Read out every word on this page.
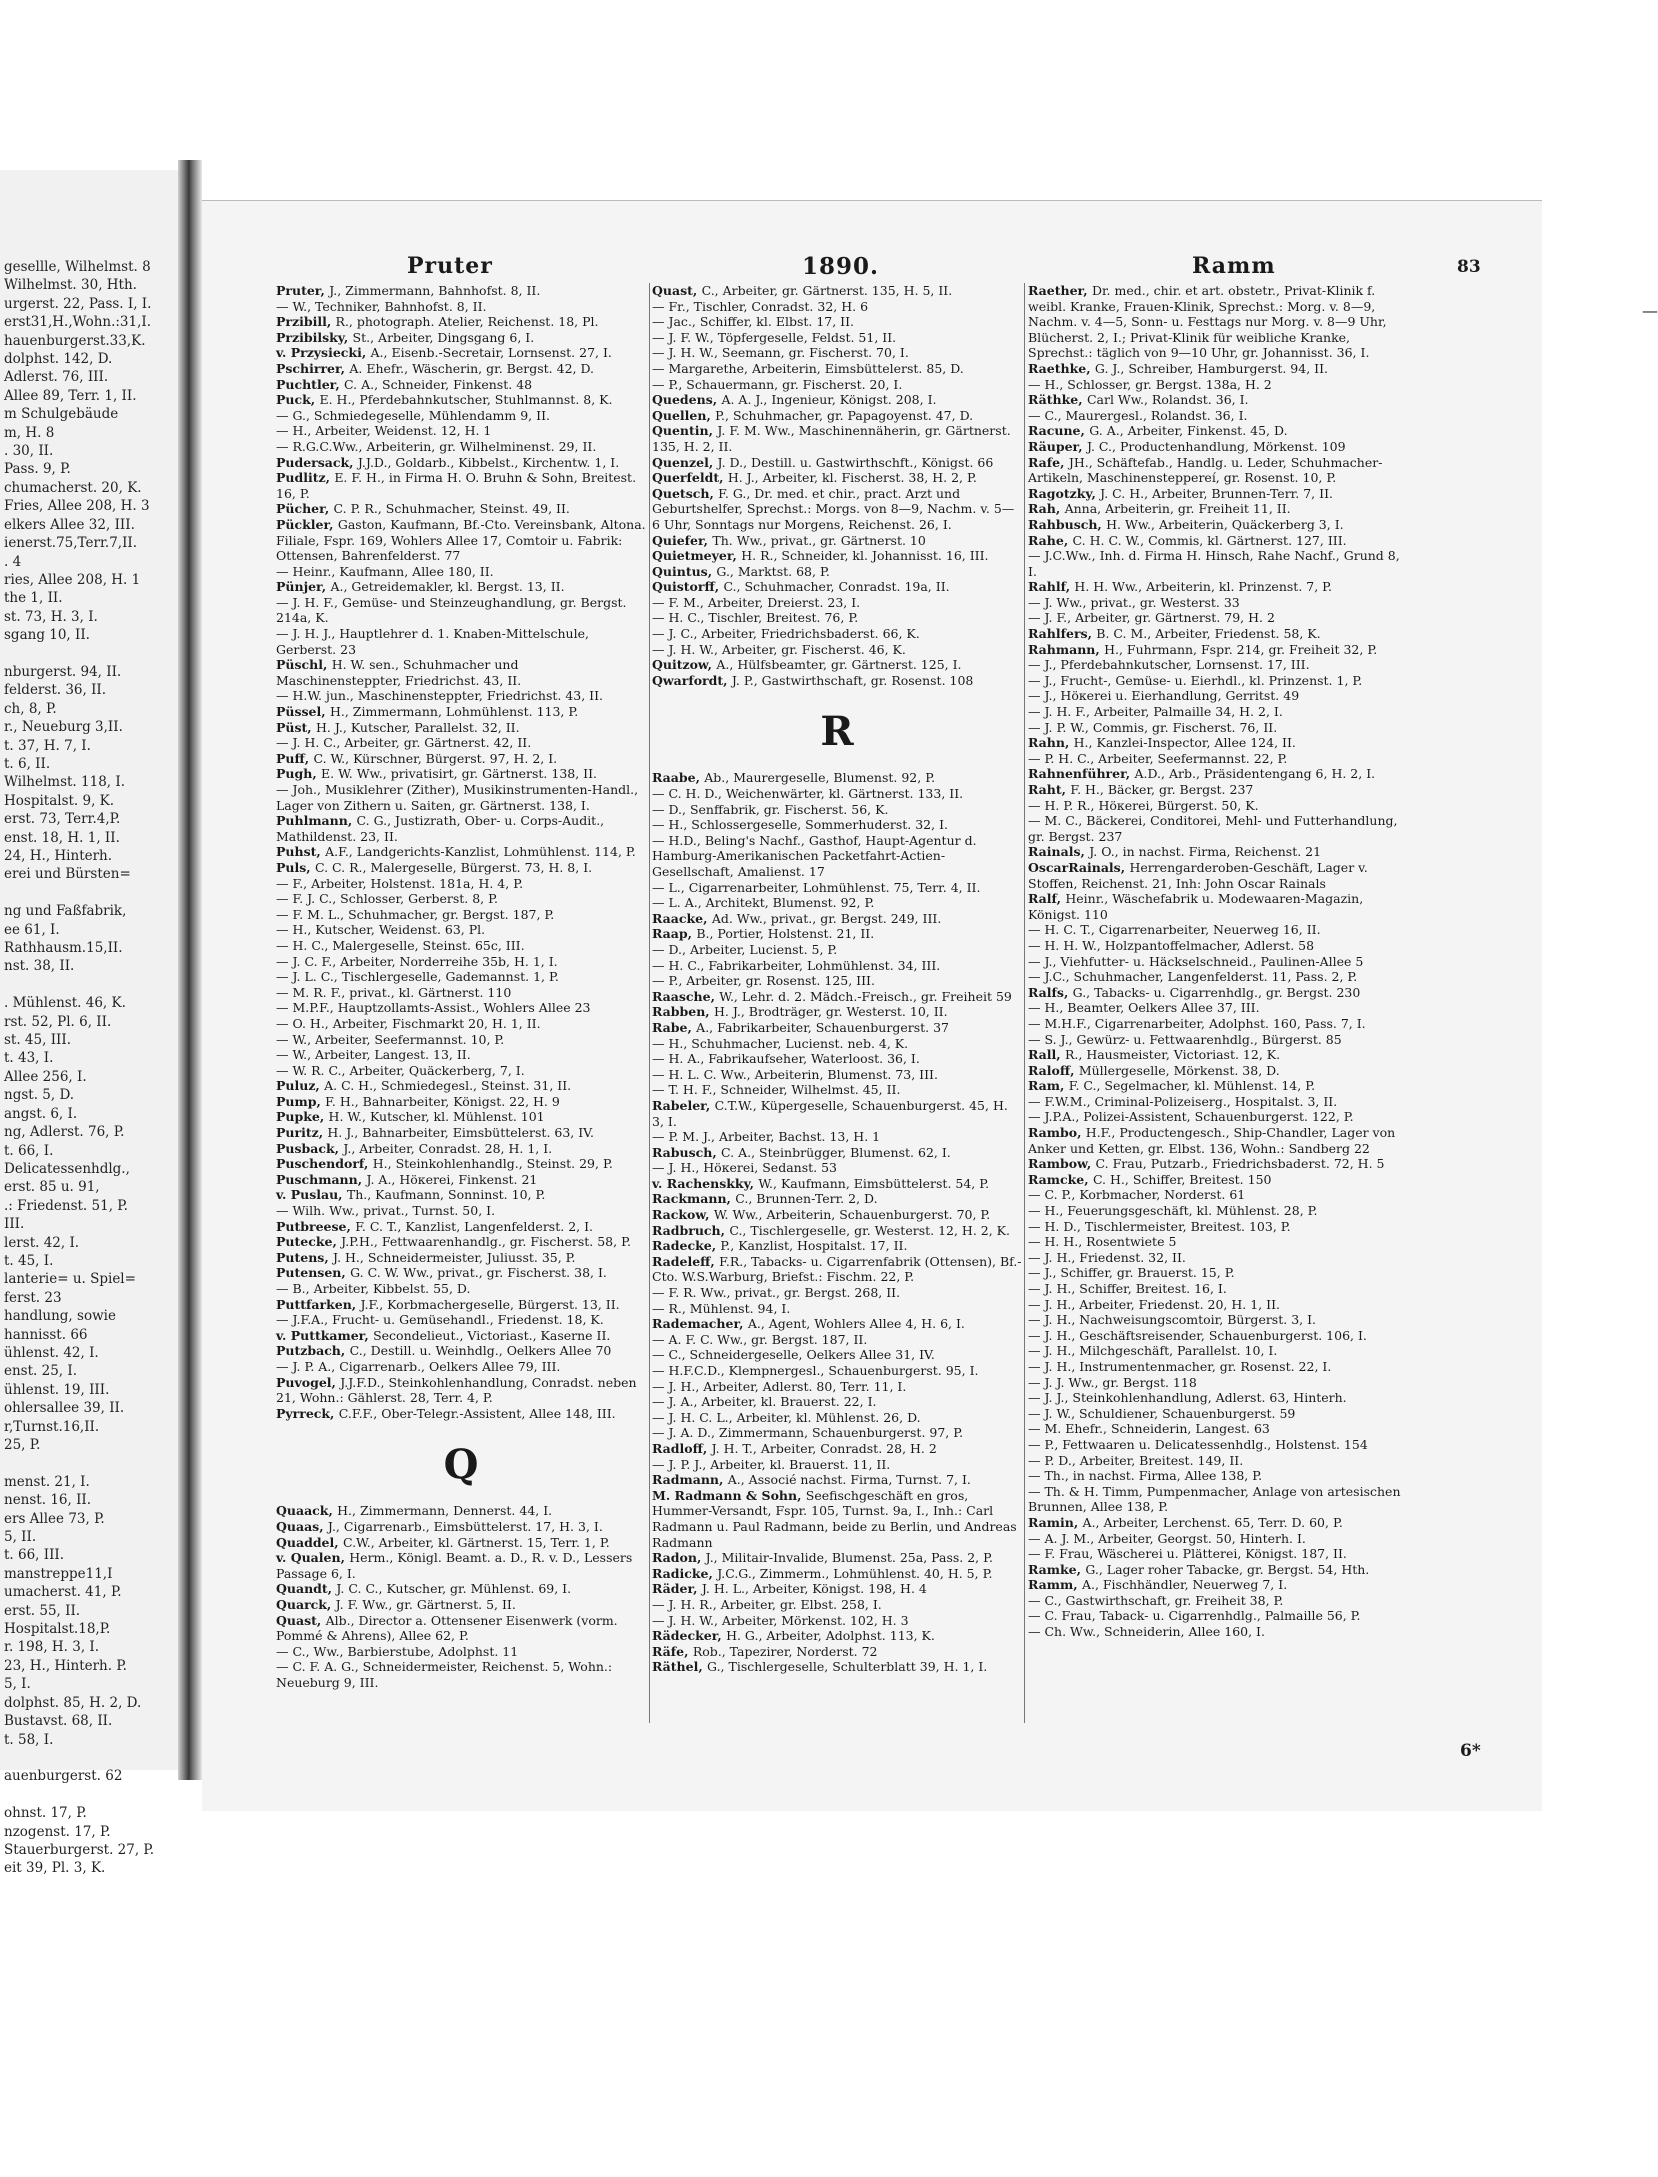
gesellle, Wilhelmst. 8
Wilhelmst. 30, Hth.
urgerst. 22, Pass. I, I.
erst31,H.,Wohn.:31,I.
hauenburgerst.33,K.
dolphst. 142, D.
Adlerst. 76, III.
Allee 89, Terr. 1, II.
m Schulgebäude
m, H. 8
. 30, II.
Pass. 9, P.
chumacherst. 20, K.
Fries, Allee 208, H. 3
elkers Allee 32, III.
ienerst.75,Terr.7,II.
. 4
ries, Allee 208, H. 1
the 1, II.
st. 73, H. 3, I.
sgang 10, II.

nburgerst. 94, II.
felderst. 36, II.
ch, 8, P.
r., Neueburg 3,II.
t. 37, H. 7, I.
t. 6, II.
Wilhelmst. 118, I.
Hospitalst. 9, K.
erst. 73, Terr.4,P.
enst. 18, H. 1, II.
24, H., Hinterh.
erei und Bürsten=

ng und Faßfabrik,
ee 61, I.
Rathhausm.15,II.
nst. 38, II.

. Mühlenst. 46, K.
rst. 52, Pl. 6, II.
st. 45, III.
t. 43, I.
Allee 256, I.
ngst. 5, D.
angst. 6, I.
ng, Adlerst. 76, P.
t. 66, I.
Delicatessenhdlg.,
erst. 85 u. 91,
.: Friedenst. 51, P.
III.
lerst. 42, I.
t. 45, I.
lanterie= u. Spiel=
ferst. 23
handlung, sowie
hannisst. 66
ühlenst. 42, I.
enst. 25, I.
ühlenst. 19, III.
ohlersallee 39, II.
r,Turnst.16,II.
25, P.

menst. 21, I.
nenst. 16, II.
ers Allee 73, P.
5, II.
t. 66, III.
manstreppe11,I
umacherst. 41, P.
erst. 55, II.
Hospitalst.18,P.
r. 198, H. 3, I.
23, H., Hinterh. P.
5, I.
dolphst. 85, H. 2, D.
Bustavst. 68, II.
t. 58, I.

auenburgerst. 62

ohnst. 17, P.
nzogenst. 17, P.
Stauerburgerst. 27, P.
eit 39, Pl. 3, K.
Pruter	1890.	Ramm	83
—
Pruter, J., Zimmermann, Bahnhofst. 8, II.
— W., Techniker, Bahnhofst. 8, II.
Przibill, R., photograph. Atelier, Reichenst. 18, Pl.
Przibilsky, St., Arbeiter, Dingsgang 6, I.
v. Przysiecki, A., Eisenb.-Secretair, Lornsenst. 27, I.
Pschirrer, A. Ehefr., Wäscherin, gr. Bergst. 42, D.
Puchtler, C. A., Schneider, Finkenst. 48
Puck, E. H., Pferdebahnkutscher, Stuhlmannst. 8, K.
— G., Schmiedegeselle, Mühlendamm 9, II.
— H., Arbeiter, Weidenst. 12, H. 1
— R.G.C.Ww., Arbeiterin, gr. Wilhelminenst. 29, II.
Pudersack, J.J.D., Goldarb., Kibbelst., Kirchentw. 1, I.
Pudlitz, E. F. H., in Firma H. O. Bruhn & Sohn, Breitest. 16, P.
Pücher, C. P. R., Schuhmacher, Steinst. 49, II.
Pückler, Gaston, Kaufmann, Bf.-Cto. Vereinsbank, Altona. Filiale, Fspr. 169, Wohlers Allee 17, Comtoir u. Fabrik: Ottensen, Bahrenfelderst. 77
— Heinr., Kaufmann, Allee 180, II.
Pünjer, A., Getreidemakler, kl. Bergst. 13, II.
— J. H. F., Gemüse- und Steinzeughandlung, gr. Bergst. 214a, K.
— J. H. J., Hauptlehrer d. 1. Knaben-Mittelschule, Gerberst. 23
Püschl, H. W. sen., Schuhmacher und Maschinensteppter, Friedrichst. 43, II.
— H.W. jun., Maschinensteppter, Friedrichst. 43, II.
Püssel, H., Zimmermann, Lohmühlenst. 113, P.
Püst, H. J., Kutscher, Parallelst. 32, II.
— J. H. C., Arbeiter, gr. Gärtnerst. 42, II.
Puff, C. W., Kürschner, Bürgerst. 97, H. 2, I.
Pugh, E. W. Ww., privatisirt, gr. Gärtnerst. 138, II.
— Joh., Musiklehrer (Zither), Musikinstrumenten-Handl., Lager von Zithern u. Saiten, gr. Gärtnerst. 138, I.
Puhlmann, C. G., Justizrath, Ober- u. Corps-Audit., Mathildenst. 23, II.
Puhst, A.F., Landgerichts-Kanzlist, Lohmühlenst. 114, P.
Puls, C. C. R., Malergeselle, Bürgerst. 73, H. 8, I.
— F., Arbeiter, Holstenst. 181a, H. 4, P.
— F. J. C., Schlosser, Gerberst. 8, P.
— F. M. L., Schuhmacher, gr. Bergst. 187, P.
— H., Kutscher, Weidenst. 63, Pl.
— H. C., Malergeselle, Steinst. 65c, III.
— J. C. F., Arbeiter, Norderreihe 35b, H. 1, I.
— J. L. C., Tischlergeselle, Gademannst. 1, P.
— M. R. F., privat., kl. Gärtnerst. 110
— M.P.F., Hauptzollamts-Assist., Wohlers Allee 23
— O. H., Arbeiter, Fischmarkt 20, H. 1, II.
— W., Arbeiter, Seefermannst. 10, P.
— W., Arbeiter, Langest. 13, II.
— W. R. C., Arbeiter, Quäckerberg, 7, I.
Puluz, A. C. H., Schmiedegesl., Steinst. 31, II.
Pump, F. H., Bahnarbeiter, Königst. 22, H. 9
Pupke, H. W., Kutscher, kl. Mühlenst. 101
Puritz, H. J., Bahnarbeiter, Eimsbüttelerst. 63, IV.
Pusback, J., Arbeiter, Conradst. 28, H. 1, I.
Puschendorf, H., Steinkohlenhandlg., Steinst. 29, P.
Puschmann, J. A., Höкerei, Finkenst. 21
v. Puslau, Th., Kaufmann, Sonninst. 10, P.
— Wilh. Ww., privat., Turnst. 50, I.
Putbreese, F. C. T., Kanzlist, Langenfelderst. 2, I.
Putecke, J.P.H., Fettwaarenhandlg., gr. Fischerst. 58, P.
Putens, J. H., Schneidermeister, Juliusst. 35, P.
Putensen, G. C. W. Ww., privat., gr. Fischerst. 38, I.
— B., Arbeiter, Kibbelst. 55, D.
Puttfarken, J.F., Korbmachergeselle, Bürgerst. 13, II.
— J.F.A., Frucht- u. Gemüsehandl., Friedenst. 18, K.
v. Puttkamer, Secondelieut., Victoriast., Kaserne II.
Putzbach, C., Destill. u. Weinhdlg., Oelkers Allee 70
— J. P. A., Cigarrenarb., Oelkers Allee 79, III.
Puvogel, J.J.F.D., Steinkohlenhandlung, Conradst. neben 21, Wohn.: Gählerst. 28, Terr. 4, P.
Pyrreck, C.F.F., Ober-Telegr.-Assistent, Allee 148, III.
Q
Quaack, H., Zimmermann, Dennerst. 44, I.
Quaas, J., Cigarrenarb., Eimsbüttelerst. 17, H. 3, I.
Quaddel, C.W., Arbeiter, kl. Gärtnerst. 15, Terr. 1, P.
v. Qualen, Herm., Königl. Beamt. a. D., R. v. D., Lessers Passage 6, I.
Quandt, J. C. C., Kutscher, gr. Mühlenst. 69, I.
Quarck, J. F. Ww., gr. Gärtnerst. 5, II.
Quast, Alb., Director a. Ottensener Eisenwerk (vorm. Pommé & Ahrens), Allee 62, P.
— C., Ww., Barbierstube, Adolphst. 11
— C. F. A. G., Schneidermeister, Reichenst. 5, Wohn.: Neueburg 9, III.
Quast, C., Arbeiter, gr. Gärtnerst. 135, H. 5, II.
— Fr., Tischler, Conradst. 32, H. 6
— Jac., Schiffer, kl. Elbst. 17, II.
— J. F. W., Töpfergeselle, Feldst. 51, II.
— J. H. W., Seemann, gr. Fischerst. 70, I.
— Margarethe, Arbeiterin, Eimsbüttelerst. 85, D.
— P., Schauermann, gr. Fischerst. 20, I.
Quedens, A. A. J., Ingenieur, Königst. 208, I.
Quellen, P., Schuhmacher, gr. Papagoyenst. 47, D.
Quentin, J. F. M. Ww., Maschinennäherin, gr. Gärtnerst. 135, H. 2, II.
Quenzel, J. D., Destill. u. Gastwirthschft., Königst. 66
Querfeldt, H. J., Arbeiter, kl. Fischerst. 38, H. 2, P.
Quetsch, F. G., Dr. med. et chir., pract. Arzt und Geburtshelfer, Sprechst.: Morgs. von 8—9, Nachm. v. 5—6 Uhr, Sonntags nur Morgens, Reichenst. 26, I.
Quiefer, Th. Ww., privat., gr. Gärtnerst. 10
Quietmeyer, H. R., Schneider, kl. Johannisst. 16, III.
Quintus, G., Marktst. 68, P.
Quistorff, C., Schuhmacher, Conradst. 19a, II.
— F. M., Arbeiter, Dreierst. 23, I.
— H. C., Tischler, Breitest. 76, P.
— J. C., Arbeiter, Friedrichsbaderst. 66, K.
— J. H. W., Arbeiter, gr. Fischerst. 46, K.
Quitzow, A., Hülfsbeamter, gr. Gärtnerst. 125, I.
Qwarfordt, J. P., Gastwirthschaft, gr. Rosenst. 108
R
Raabe, Ab., Maurergeselle, Blumenst. 92, P.
— C. H. D., Weichenwärter, kl. Gärtnerst. 133, II.
— D., Senffabrik, gr. Fischerst. 56, K.
— H., Schlossergeselle, Sommerhuderst. 32, I.
— H.D., Beling's Nachf., Gasthof, Haupt-Agentur d. Hamburg-Amerikanischen Packetfahrt-Actien-Gesellschaft, Amalienst. 17
— L., Cigarrenarbeiter, Lohmühlenst. 75, Terr. 4, II.
— L. A., Architekt, Blumenst. 92, P.
Raacke, Ad. Ww., privat., gr. Bergst. 249, III.
Raap, B., Portier, Holstenst. 21, II.
— D., Arbeiter, Lucienst. 5, P.
— H. C., Fabrikarbeiter, Lohmühlenst. 34, III.
— P., Arbeiter, gr. Rosenst. 125, III.
Raasche, W., Lehr. d. 2. Mädch.-Freisch., gr. Freiheit 59
Rabben, H. J., Brodträger, gr. Westerst. 10, II.
Rabe, A., Fabrikarbeiter, Schauenburgerst. 37
— H., Schuhmacher, Lucienst. neb. 4, K.
— H. A., Fabrikaufseher, Waterloost. 36, I.
— H. L. C. Ww., Arbeiterin, Blumenst. 73, III.
— T. H. F., Schneider, Wilhelmst. 45, II.
Rabeler, C.T.W., Küpergeselle, Schauenburgerst. 45, H. 3, I.
— P. M. J., Arbeiter, Bachst. 13, H. 1
Rabusch, C. A., Steinbrügger, Blumenst. 62, I.
— J. H., Höкerei, Sedanst. 53
v. Rachenskky, W., Kaufmann, Eimsbüttelerst. 54, P.
Rackmann, C., Brunnen-Terr. 2, D.
Rackow, W. Ww., Arbeiterin, Schauenburgerst. 70, P.
Radbruch, C., Tischlergeselle, gr. Westerst. 12, H. 2, K.
Radecke, P., Kanzlist, Hospitalst. 17, II.
Radeleff, F.R., Tabacks- u. Cigarrenfabrik (Ottensen), Bf.-Cto. W.S.Warburg, Briefst.: Fischm. 22, P.
— F. R. Ww., privat., gr. Bergst. 268, II.
— R., Mühlenst. 94, I.
Rademacher, A., Agent, Wohlers Allee 4, H. 6, I.
— A. F. C. Ww., gr. Bergst. 187, II.
— C., Schneidergeselle, Oelkers Allee 31, IV.
— H.F.C.D., Klempnergesl., Schauenburgerst. 95, I.
— J. H., Arbeiter, Adlerst. 80, Terr. 11, I.
— J. A., Arbeiter, kl. Brauerst. 22, I.
— J. H. C. L., Arbeiter, kl. Mühlenst. 26, D.
— J. A. D., Zimmermann, Schauenburgerst. 97, P.
Radloff, J. H. T., Arbeiter, Conradst. 28, H. 2
— J. P. J., Arbeiter, kl. Brauerst. 11, II.
Radmann, A., Associé nachst. Firma, Turnst. 7, I.
M. Radmann & Sohn, Seefischgeschäft en gros, Hummer-Versandt, Fspr. 105, Turnst. 9a, I., Inh.: Carl Radmann u. Paul Radmann, beide zu Berlin, und Andreas Radmann
Radon, J., Militair-Invalide, Blumenst. 25a, Pass. 2, P.
Radicke, J.C.G., Zimmerm., Lohmühlenst. 40, H. 5, P.
Räder, J. H. L., Arbeiter, Königst. 198, H. 4
— J. H. R., Arbeiter, gr. Elbst. 258, I.
— J. H. W., Arbeiter, Mörkenst. 102, H. 3
Rädecker, H. G., Arbeiter, Adolphst. 113, K.
Räfe, Rob., Tapezirer, Norderst. 72
Räthel, G., Tischlergeselle, Schulterblatt 39, H. 1, I.
Raether, Dr. med., chir. et art. obstetr., Privat-Klinik f. weibl. Kranke, Frauen-Klinik, Sprechst.: Morg. v. 8—9, Nachm. v. 4—5, Sonn- u. Festtags nur Morg. v. 8—9 Uhr, Blücherst. 2, I.; Privat-Klinik für weibliche Kranke, Sprechst.: täglich von 9—10 Uhr, gr. Johannisst. 36, I.
Raethke, G. J., Schreiber, Hamburgerst. 94, II.
— H., Schlosser, gr. Bergst. 138a, H. 2
Räthke, Carl Ww., Rolandst. 36, I.
— C., Maurergesl., Rolandst. 36, I.
Racune, G. A., Arbeiter, Finkenst. 45, D.
Räuper, J. C., Productenhandlung, Mörkenst. 109
Rafe, JH., Schäftefab., Handlg. u. Leder, Schuhmacher-Artikeln, Maschinensteppereí, gr. Rosenst. 10, P.
Ragotzky, J. C. H., Arbeiter, Brunnen-Terr. 7, II.
Rah, Anna, Arbeiterin, gr. Freiheit 11, II.
Rahbusch, H. Ww., Arbeiterin, Quäckerberg 3, I.
Rahe, C. H. C. W., Commis, kl. Gärtnerst. 127, III.
— J.C.Ww., Inh. d. Firma H. Hinsch, Rahe Nachf., Grund 8, I.
Rahlf, H. H. Ww., Arbeiterin, kl. Prinzenst. 7, P.
— J. Ww., privat., gr. Westerst. 33
— J. F., Arbeiter, gr. Gärtnerst. 79, H. 2
Rahlfers, B. C. M., Arbeiter, Friedenst. 58, K.
Rahmann, H., Fuhrmann, Fspr. 214, gr. Freiheit 32, P.
— J., Pferdebahnkutscher, Lornsenst. 17, III.
— J., Frucht-, Gemüse- u. Eierhdl., kl. Prinzenst. 1, P.
— J., Höкerei u. Eierhandlung, Gerritst. 49
— J. H. F., Arbeiter, Palmaille 34, H. 2, I.
— J. P. W., Commis, gr. Fischerst. 76, II.
Rahn, H., Kanzlei-Inspector, Allee 124, II.
— P. H. C., Arbeiter, Seefermannst. 22, P.
Rahnenführer, A.D., Arb., Präsidentengang 6, H. 2, I.
Raht, F. H., Bäcker, gr. Bergst. 237
— H. P. R., Höкerei, Bürgerst. 50, K.
— M. C., Bäckerei, Conditorei, Mehl- und Futterhandlung, gr. Bergst. 237
Rainals, J. O., in nachst. Firma, Reichenst. 21
OscarRainals, Herrengarderoben-Geschäft, Lager v. Stoffen, Reichenst. 21, Inh: John Oscar Rainals
Ralf, Heinr., Wäschefabrik u. Modewaaren-Magazin, Königst. 110
— H. C. T., Cigarrenarbeiter, Neuerweg 16, II.
— H. H. W., Holzpantoffelmacher, Adlerst. 58
— J., Viehfutter- u. Häckselschneid., Paulinen-Allee 5
— J.C., Schuhmacher, Langenfelderst. 11, Pass. 2, P.
Ralfs, G., Tabacks- u. Cigarrenhdlg., gr. Bergst. 230
— H., Beamter, Oelkers Allee 37, III.
— M.H.F., Cigarrenarbeiter, Adolphst. 160, Pass. 7, I.
— S. J., Gewürz- u. Fettwaarenhdlg., Bürgerst. 85
Rall, R., Hausmeister, Victoriast. 12, K.
Raloff, Müllergeselle, Mörkenst. 38, D.
Ram, F. C., Segelmacher, kl. Mühlenst. 14, P.
— F.W.M., Criminal-Polizeiserg., Hospitalst. 3, II.
— J.P.A., Polizei-Assistent, Schauenburgerst. 122, P.
Rambo, H.F., Productengesch., Ship-Chandler, Lager von Anker und Ketten, gr. Elbst. 136, Wohn.: Sandberg 22
Rambow, C. Frau, Putzarb., Friedrichsbaderst. 72, H. 5
Ramcke, C. H., Schiffer, Breitest. 150
— C. P., Korbmacher, Norderst. 61
— H., Feuerungsgeschäft, kl. Mühlenst. 28, P.
— H. D., Tischlermeister, Breitest. 103, P.
— H. H., Rosentwiete 5
— J. H., Friedenst. 32, II.
— J., Schiffer, gr. Brauerst. 15, P.
— J. H., Schiffer, Breitest. 16, I.
— J. H., Arbeiter, Friedenst. 20, H. 1, II.
— J. H., Nachweisungscomtoir, Bürgerst. 3, I.
— J. H., Geschäftsreisender, Schauenburgerst. 106, I.
— J. H., Milchgeschäft, Parallelst. 10, I.
— J. H., Instrumentenmacher, gr. Rosenst. 22, I.
— J. J. Ww., gr. Bergst. 118
— J. J., Steinkohlenhandlung, Adlerst. 63, Hinterh.
— J. W., Schuldiener, Schauenburgerst. 59
— M. Ehefr., Schneiderin, Langest. 63
— P., Fettwaaren u. Delicatessenhdlg., Holstenst. 154
— P. D., Arbeiter, Breitest. 149, II.
— Th., in nachst. Firma, Allee 138, P.
— Th. & H. Timm, Pumpenmacher, Anlage von artesischen Brunnen, Allee 138, P.
Ramin, A., Arbeiter, Lerchenst. 65, Terr. D. 60, P.
— A. J. M., Arbeiter, Georgst. 50, Hinterh. I.
— F. Frau, Wäscherei u. Plätterei, Königst. 187, II.
Ramke, G., Lager roher Tabacke, gr. Bergst. 54, Hth.
Ramm, A., Fischhändler, Neuerweg 7, I.
— C., Gastwirthschaft, gr. Freiheit 38, P.
— C. Frau, Taback- u. Cigarrenhdlg., Palmaille 56, P.
— Ch. Ww., Schneiderin, Allee 160, I.
6*
